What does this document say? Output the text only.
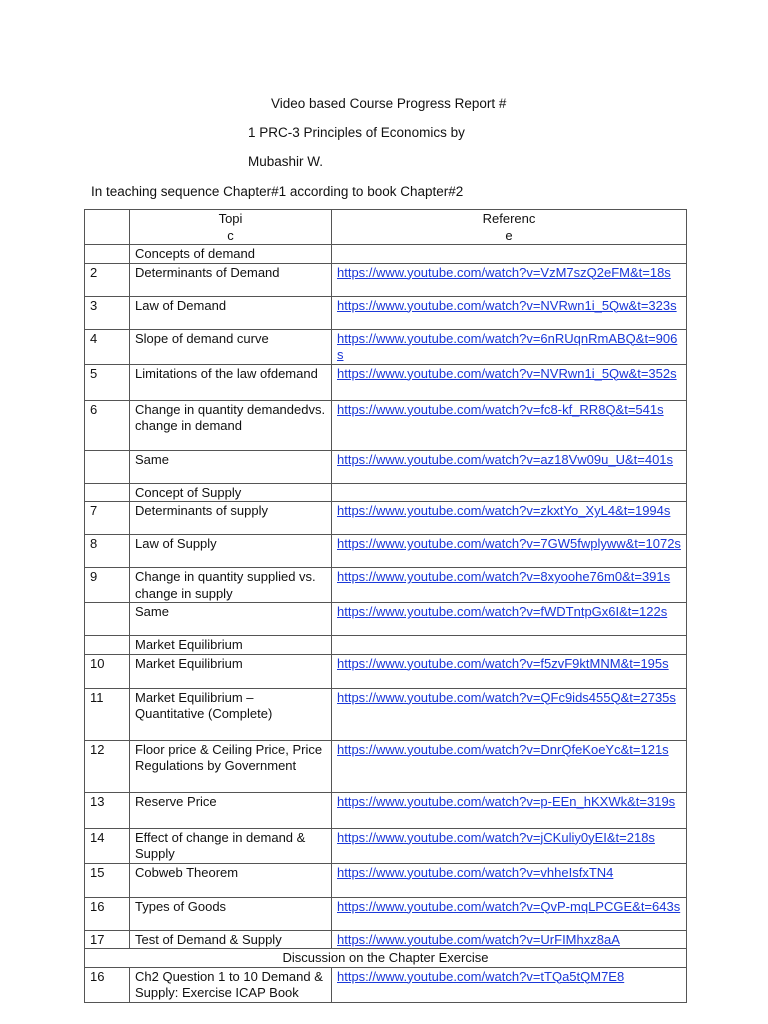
Video based Course Progress Report #
1 PRC-3 Principles of Economics by
Mubashir W.
In teaching sequence Chapter#1 according to book Chapter#2
	Topi
c	Referenc
e
	Concepts of demand	
2	Determinants of Demand	https://www.youtube.com/watch?v=VzM7szQ2eFM&t=18s
3	Law of Demand	https://www.youtube.com/watch?v=NVRwn1i_5Qw&t=323s
4	Slope of demand curve	https://www.youtube.com/watch?v=6nRUqnRmABQ&t=906s
5	Limitations of the law ofdemand	https://www.youtube.com/watch?v=NVRwn1i_5Qw&t=352s
6	Change in quantity demandedvs. change in demand	https://www.youtube.com/watch?v=fc8-kf_RR8Q&t=541s
	Same	https://www.youtube.com/watch?v=az18Vw09u_U&t=401s
	Concept of Supply	
7	Determinants of supply	https://www.youtube.com/watch?v=zkxtYo_XyL4&t=1994s
8	Law of Supply	https://www.youtube.com/watch?v=7GW5fwplyww&t=1072s
9	Change in quantity supplied vs. change in supply	https://www.youtube.com/watch?v=8xyoohe76m0&t=391s
	Same	https://www.youtube.com/watch?v=fWDTntpGx6I&t=122s
	Market Equilibrium	
10	Market Equilibrium	https://www.youtube.com/watch?v=f5zvF9ktMNM&t=195s
11	Market Equilibrium – Quantitative (Complete)	https://www.youtube.com/watch?v=QFc9ids455Q&t=2735s
12	Floor price & Ceiling Price, Price Regulations by Government	https://www.youtube.com/watch?v=DnrQfeKoeYc&t=121s
13	Reserve Price	https://www.youtube.com/watch?v=p-EEn_hKXWk&t=319s
14	Effect of change in demand & Supply	https://www.youtube.com/watch?v=jCKuliy0yEI&t=218s
15	Cobweb Theorem	https://www.youtube.com/watch?v=vhheIsfxTN4
16	Types of Goods	https://www.youtube.com/watch?v=QvP-mqLPCGE&t=643s
17	Test of Demand & Supply	https://www.youtube.com/watch?v=UrFIMhxz8aA
Discussion on the Chapter Exercise		
16	Ch2 Question 1 to 10 Demand & Supply: Exercise ICAP Book	https://www.youtube.com/watch?v=tTQa5tQM7E8
